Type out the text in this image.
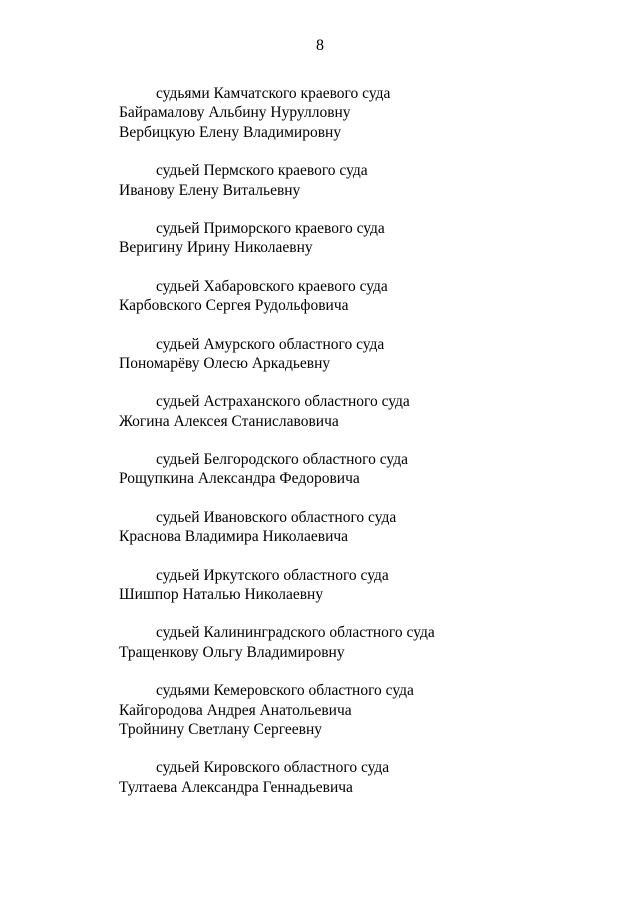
8
судьями Камчатского краевого суда
Байрамалову Альбину Нурулловну
Вербицкую Елену Владимировну
судьей Пермского краевого суда
Иванову Елену Витальевну
судьей Приморского краевого суда
Веригину Ирину Николаевну
судьей Хабаровского краевого суда
Карбовского Сергея Рудольфовича
судьей Амурского областного суда
Пономарёву Олесю Аркадьевну
судьей Астраханского областного суда
Жогина Алексея Станиславовича
судьей Белгородского областного суда
Рощупкина Александра Федоровича
судьей Ивановского областного суда
Краснова Владимира Николаевича
судьей Иркутского областного суда
Шишпор Наталью Николаевну
судьей Калининградского областного суда
Тращенкову Ольгу Владимировну
судьями Кемеровского областного суда
Кайгородова Андрея Анатольевича
Тройнину Светлану Сергеевну
судьей Кировского областного суда
Тултаева Александра Геннадьевича
